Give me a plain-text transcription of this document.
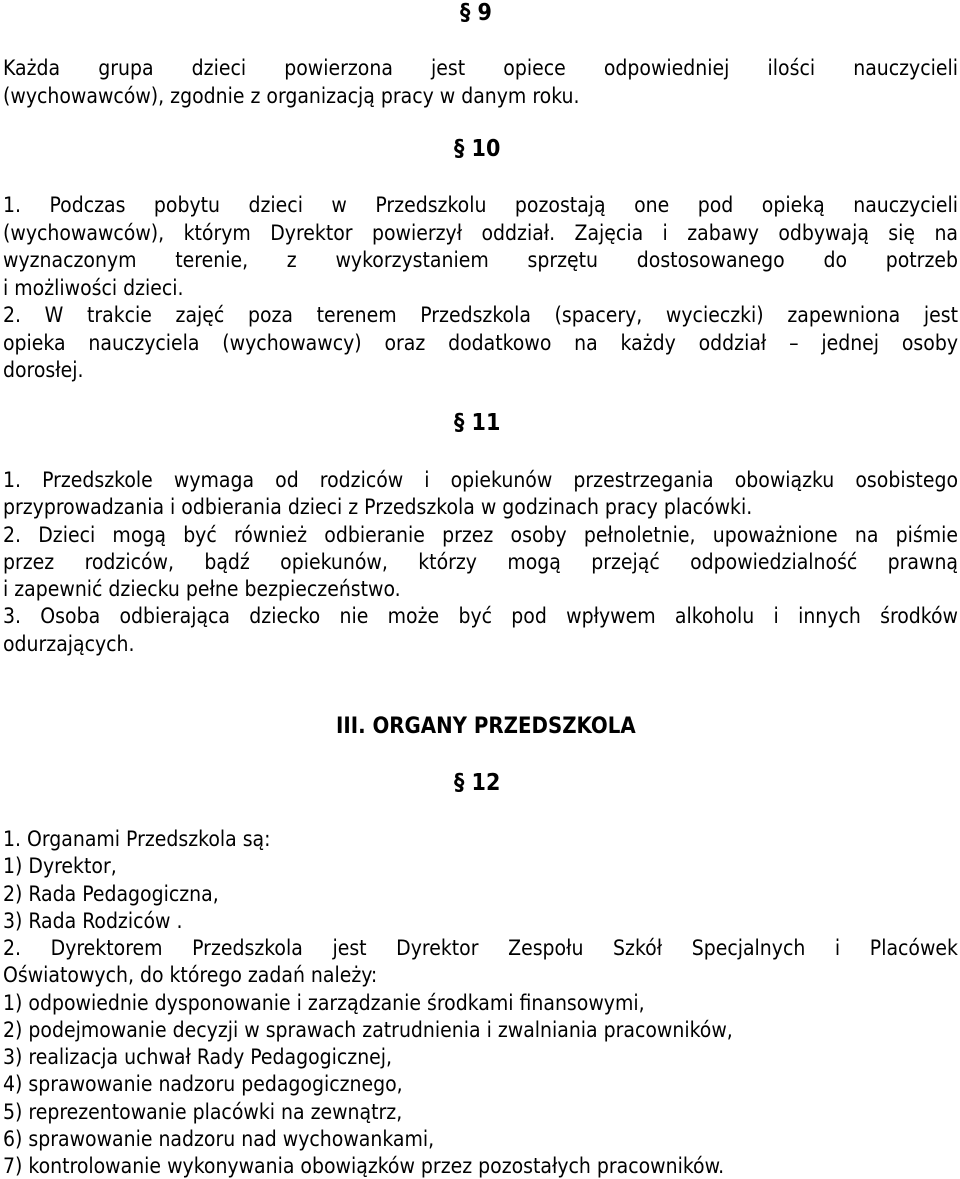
§ 9
Każda grupa dzieci powierzona jest opiece odpowiedniej ilości nauczycieli
(wychowawców), zgodnie z organizacją pracy w danym roku.
§ 10
1. Podczas pobytu dzieci w Przedszkolu pozostają one pod opieką nauczycieli
(wychowawców), którym Dyrektor powierzył oddział. Zajęcia i zabawy odbywają się na
wyznaczonym terenie, z wykorzystaniem sprzętu dostosowanego do potrzeb
i możliwości dzieci.
2. W trakcie zajęć poza terenem Przedszkola (spacery, wycieczki) zapewniona jest
opieka nauczyciela (wychowawcy) oraz dodatkowo na każdy oddział – jednej osoby
dorosłej.
§ 11
1. Przedszkole wymaga od rodziców i opiekunów przestrzegania obowiązku osobistego
przyprowadzania i odbierania dzieci z Przedszkola w godzinach pracy placówki.
2. Dzieci mogą być również odbieranie przez osoby pełnoletnie, upoważnione na piśmie
przez rodziców, bądź opiekunów, którzy mogą przejąć odpowiedzialność prawną
i zapewnić dziecku pełne bezpieczeństwo.
3. Osoba odbierająca dziecko nie może być pod wpływem alkoholu i innych środków
odurzających.
III. ORGANY PRZEDSZKOLA
§ 12
1. Organami Przedszkola są:
1) Dyrektor,
2) Rada Pedagogiczna,
3) Rada Rodziców .
2. Dyrektorem Przedszkola jest Dyrektor Zespołu Szkół Specjalnych i Placówek
Oświatowych, do którego zadań należy:
1) odpowiednie dysponowanie i zarządzanie środkami finansowymi,
2) podejmowanie decyzji w sprawach zatrudnienia i zwalniania pracowników,
3) realizacja uchwał Rady Pedagogicznej,
4) sprawowanie nadzoru pedagogicznego,
5) reprezentowanie placówki na zewnątrz,
6) sprawowanie nadzoru nad wychowankami,
7) kontrolowanie wykonywania obowiązków przez pozostałych pracowników.
